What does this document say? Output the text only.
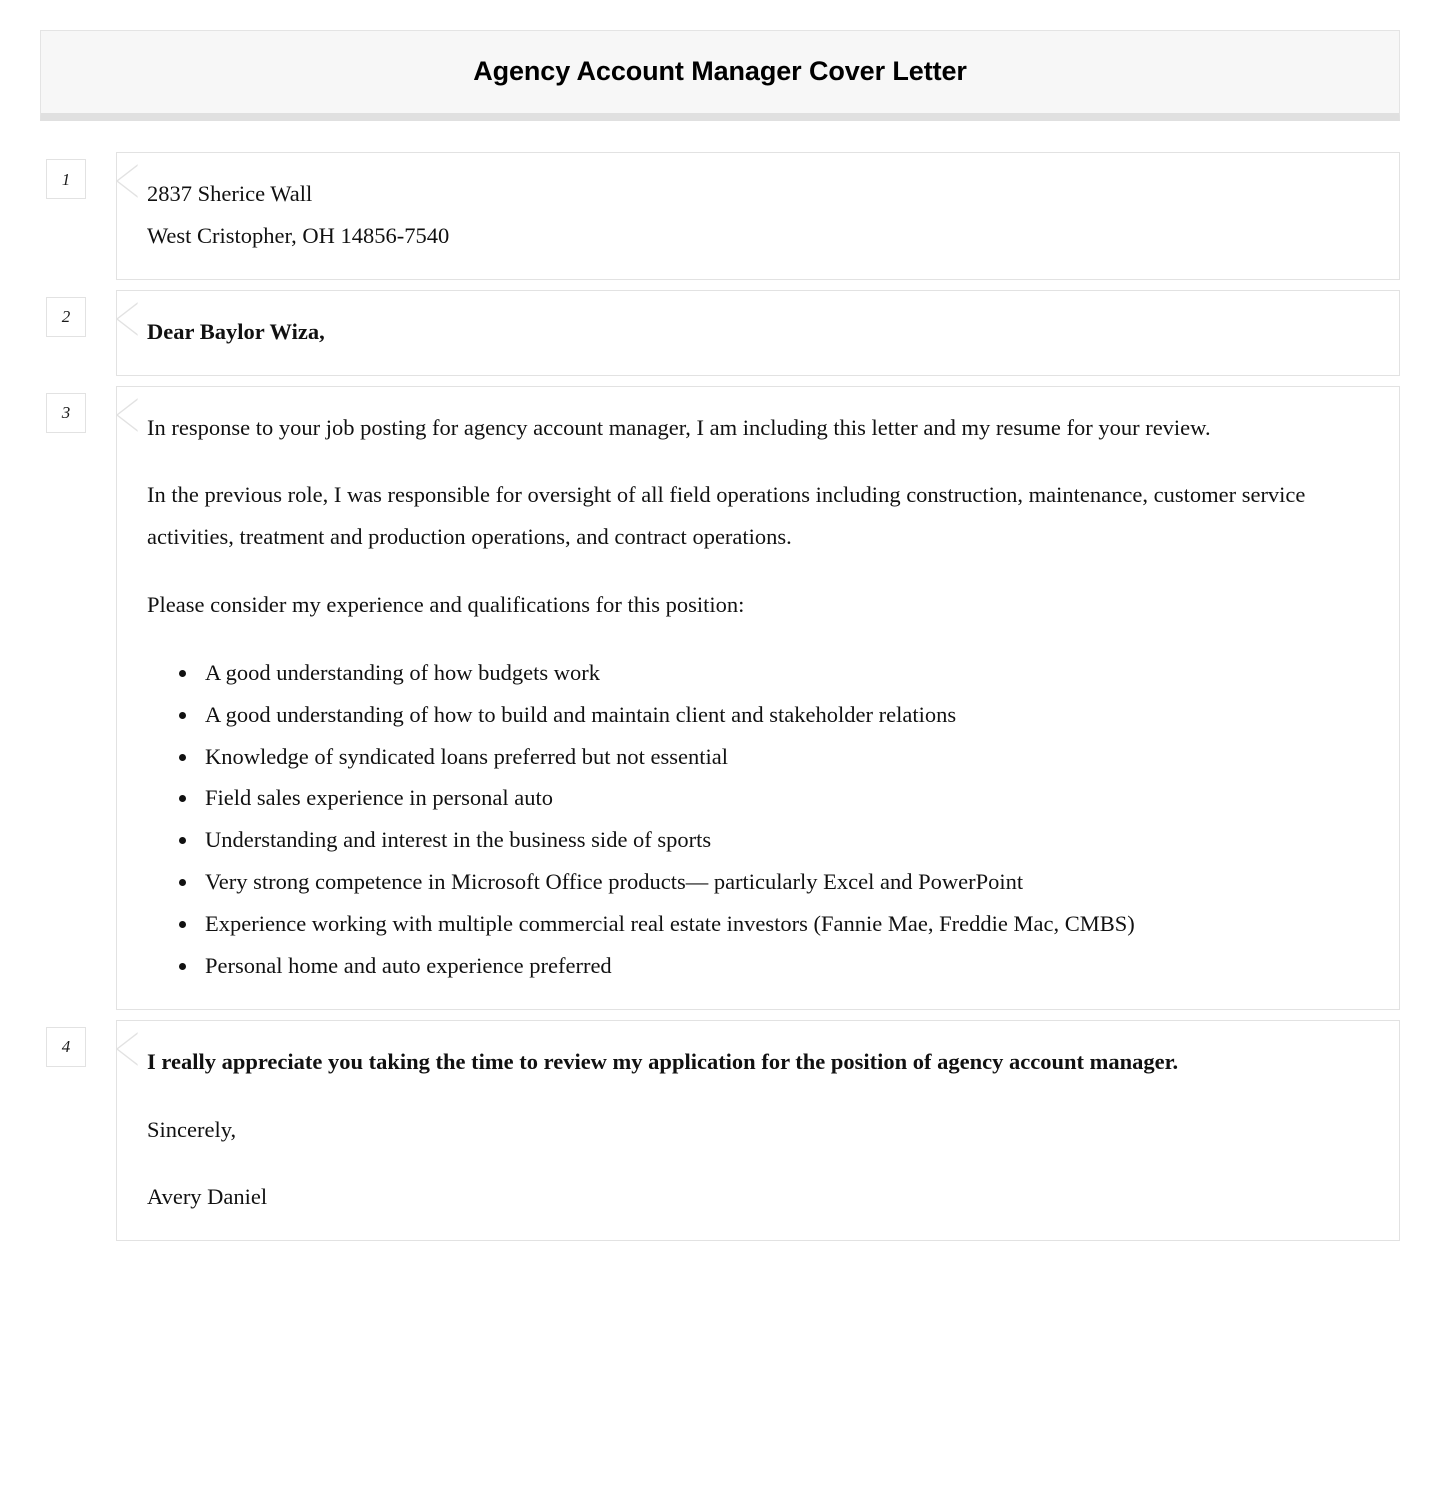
Agency Account Manager Cover Letter
1

2837 Sherice Wall
West Cristopher, OH 14856-7540

2

Dear Baylor Wiza,

3

In response to your job posting for agency account manager, I am including this letter and my resume for your review.

In the previous role, I was responsible for oversight of all field operations including construction, maintenance, customer service activities, treatment and production operations, and contract operations.

Please consider my experience and qualifications for this position:

• A good understanding of how budgets work
• A good understanding of how to build and maintain client and stakeholder relations
• Knowledge of syndicated loans preferred but not essential
• Field sales experience in personal auto
• Understanding and interest in the business side of sports
• Very strong competence in Microsoft Office products— particularly Excel and PowerPoint
• Experience working with multiple commercial real estate investors (Fannie Mae, Freddie Mac, CMBS)
• Personal home and auto experience preferred
4

I really appreciate you taking the time to review my application for the position of agency account manager.

Sincerely,

Avery Daniel
